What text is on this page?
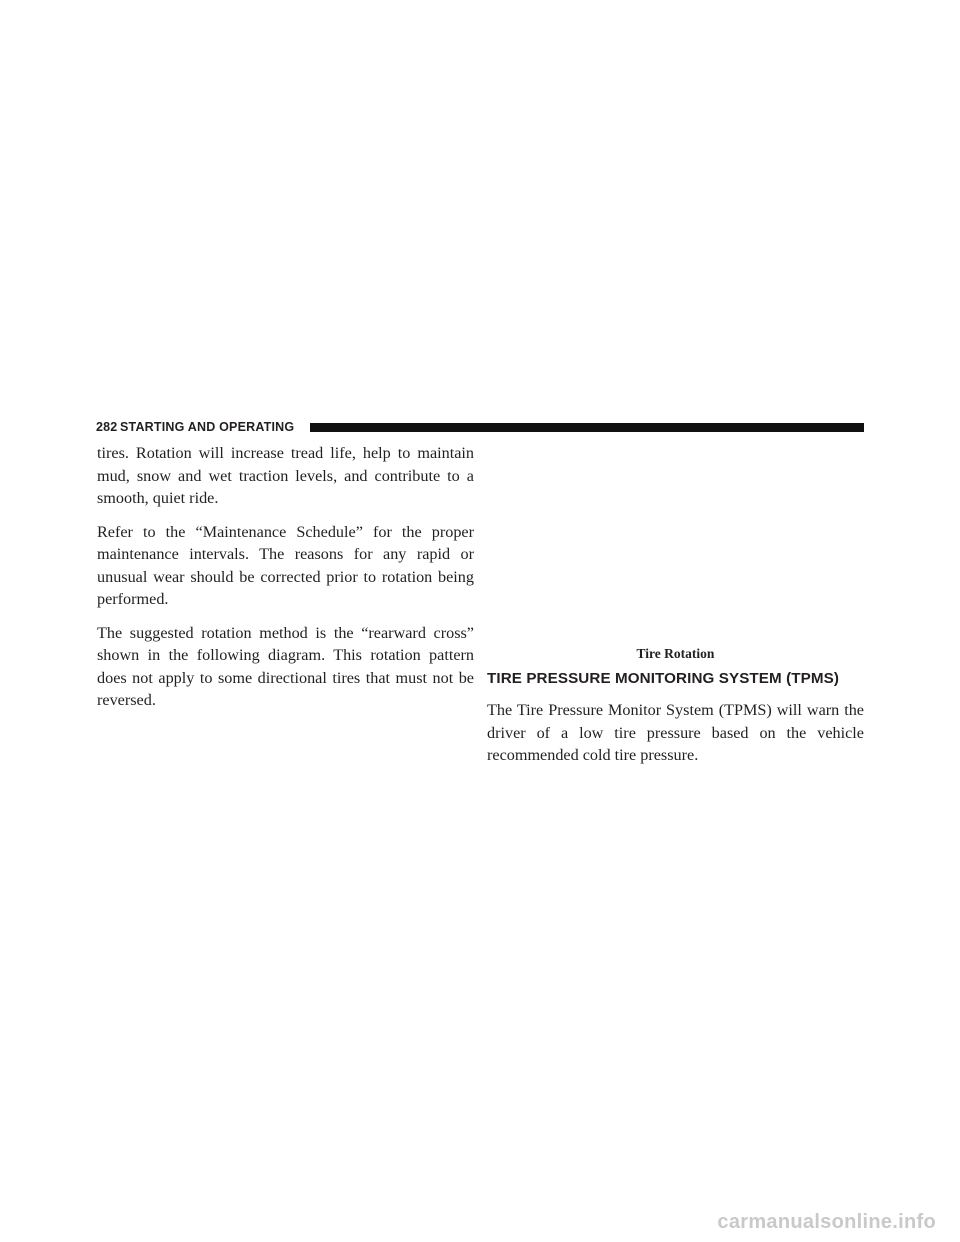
282 STARTING AND OPERATING

tires. Rotation will increase tread life, help to maintain mud, snow and wet traction levels, and contribute to a smooth, quiet ride.

Refer to the “Maintenance Schedule” for the proper maintenance intervals. The reasons for any rapid or unusual wear should be corrected prior to rotation being performed.

The suggested rotation method is the “rearward cross” shown in the following diagram. This rotation pattern does not apply to some directional tires that must not be reversed.

Tire Rotation
TIRE PRESSURE MONITORING SYSTEM (TPMS)

The Tire Pressure Monitor System (TPMS) will warn the driver of a low tire pressure based on the vehicle recommended cold tire pressure.

carmanualsonline.info
